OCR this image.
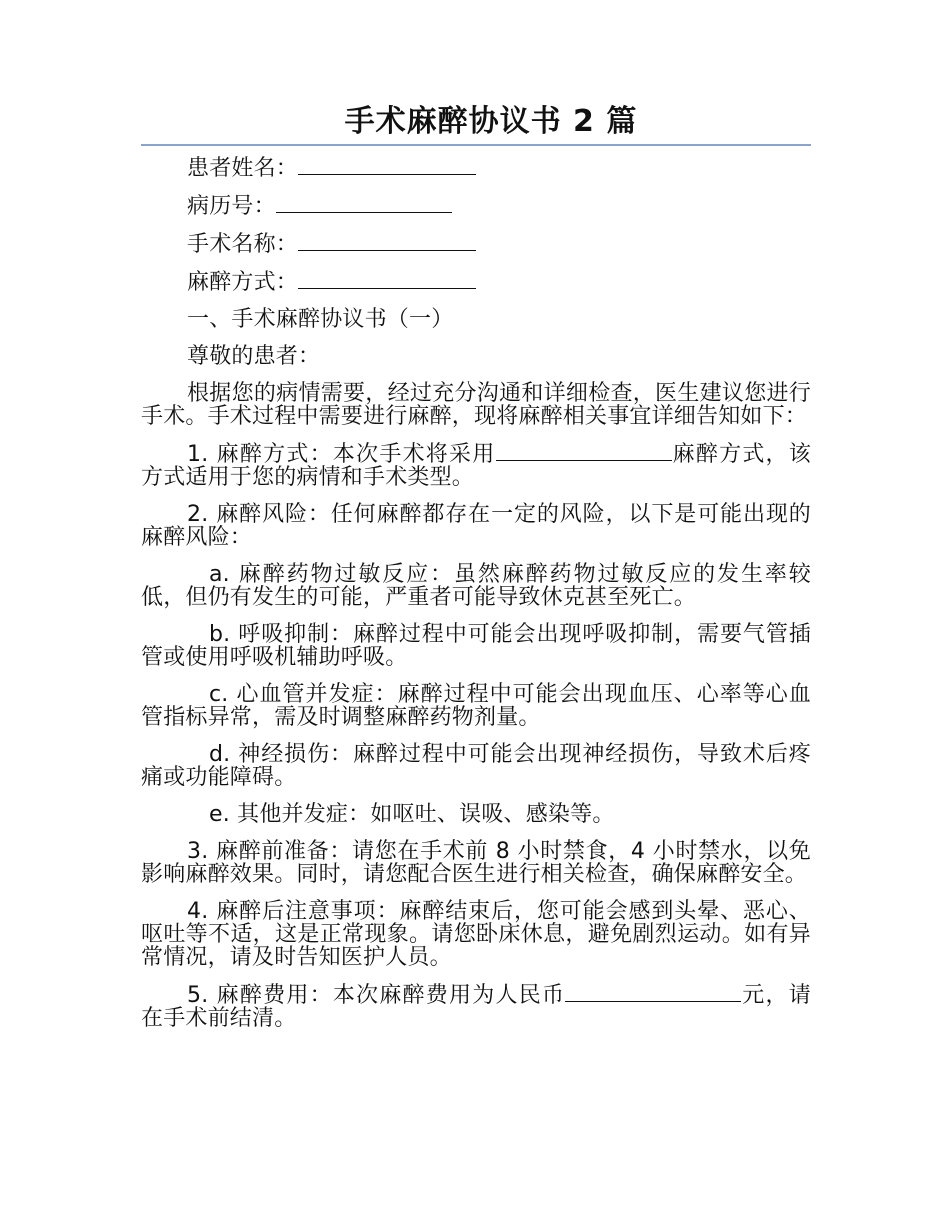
手术麻醉协议书 2 篇

患者姓名：

病历号：

手术名称：

麻醉方式：

一、手术麻醉协议书（一）

尊敬的患者：

根据您的病情需要，经过充分沟通和详细检查，医生建议您进行手术。手术过程中需要进行麻醉，现将麻醉相关事宜详细告知如下：

1. 麻醉方式：本次手术将采用	麻醉方式，该方式适用于您的病情和手术类型。

2. 麻醉风险：任何麻醉都存在一定的风险，以下是可能出现的麻醉风险：

a. 麻醉药物过敏反应：虽然麻醉药物过敏反应的发生率较低，但仍有发生的可能，严重者可能导致休克甚至死亡。

b. 呼吸抑制：麻醉过程中可能会出现呼吸抑制，需要气管插管或使用呼吸机辅助呼吸。

c. 心血管并发症：麻醉过程中可能会出现血压、心率等心血管指标异常，需及时调整麻醉药物剂量。

d. 神经损伤：麻醉过程中可能会出现神经损伤，导致术后疼痛或功能障碍。

e. 其他并发症：如呕吐、误吸、感染等。

3. 麻醉前准备：请您在手术前 8 小时禁食，4 小时禁水，以免影响麻醉效果。同时，请您配合医生进行相关检查，确保麻醉安全。

4. 麻醉后注意事项：麻醉结束后，您可能会感到头晕、恶心、呕吐等不适，这是正常现象。请您卧床休息，避免剧烈运动。如有异常情况，请及时告知医护人员。

5. 麻醉费用：本次麻醉费用为人民币	元，请在手术前结清。
